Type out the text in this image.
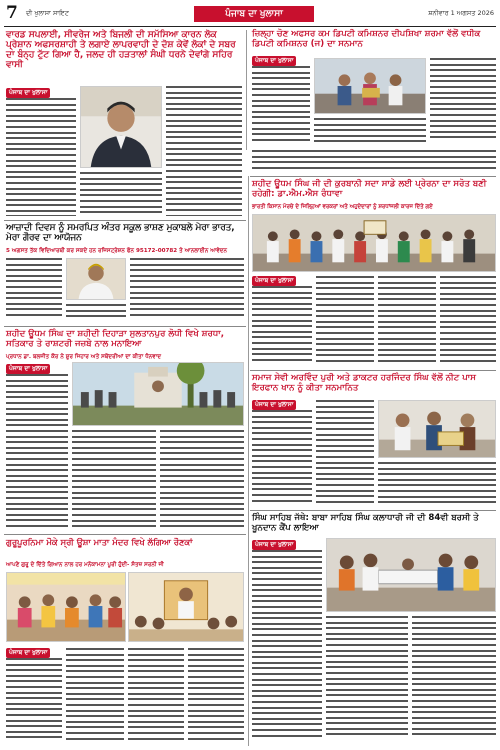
7 ਦੀ ਖੁਲਾਸਾ ਸਾਇਟ	ਪੰਜਾਬ ਦਾ ਖੁਲਾਸਾ	ਸ਼ਨੀਵਾਰ 1 ਅਗਸਤ 2026
ਵਾਰਡ ਸਪਲਾਈ, ਸੀਵਰੇਜ ਅਤੇ ਬਿਜਲੀ ਦੀ ਸਮੱਸਿਆ ਕਾਰਨ ਲੋਕ ਪ੍ਰੇਸ਼ਾਨ ਅਫਸਰਸ਼ਾਹੀ ਤੇ ਲਗਾਏ ਲਾਪਰਵਾਹੀ ਦੇ ਦੋਸ਼ ਕੇਵੇਂ ਲੋਕਾਂ ਦੇ ਸਬਰ ਦਾ ਬੰਨ੍ਹ ਟੁੱਟ ਗਿਆ ਹੈ, ਜਲਦ ਹੀ ਹੜਤਾਲਾਂ ਸੰਘੀ ਧਰਨੇ ਦੇਵਾਂਗੇ ਸਹਿਰ ਵਾਸੀ
ਪੰਜਾਬ ਦਾ ਖੁਲਾਸਾ
ਜ਼ਿਲ੍ਹਾ ਚੋਣ ਅਫਸਰ ਕਮ ਡਿਪਟੀ ਕਮਿਸ਼ਨਰ ਦੀਪਸ਼ਿਖਾ ਸ਼ਰਮਾ ਵੱਲੋਂ ਵਧੀਕ ਡਿਪਟੀ ਕਮਿਸ਼ਨਰ (ਜ) ਦਾ ਸਨਮਾਨ
ਪੰਜਾਬ ਦਾ ਖੁਲਾਸਾ
ਆਜ਼ਾਦੀ ਦਿਵਸ ਨੂੰ ਸਮਰਪਿਤ ਅੰਤਰ ਸਕੂਲ ਭਾਸ਼ਣ ਮੁਕਾਬਲੇ ਮੇਰਾ ਭਾਰਤ, ਮੇਰਾ ਗੌਰਵ ਦਾ ਆਯੋਜਨ
5 ਅਗਸਤ ਤੱਕ ਵਿਦਿਆਰਥੀ ਕਰ ਸਕਦੇ ਹਨ ਰਜਿਸਟ੍ਰੇਸ਼ਨ ਫੋਨ 95172-00782 ਤੇ ਆਨਲਾਈਨ ਆਵੇਦਨ
ਸ਼ਹੀਦ ਊਧਮ ਸਿੰਘ ਜੀ ਦੀ ਕੁਰਬਾਨੀ ਸਦਾ ਸਾਡੇ ਲਈ ਪ੍ਰੇਰਨਾ ਦਾ ਸਰੋਤ ਬਣੀ ਰਹੇਗੀ: ਡਾ.ਐਮ.ਐਸ ਰੰਧਾਵਾ
ਭਾਰਤੀ ਕਿਸਾਨ ਮੋਰਚੇ ਦੇ ਜਿਲ੍ਹਿਆਂ ਵਰਕਰਾਂ ਅਤੇ ਅਹੁਦੇਦਾਰਾਂ ਨੂੰ ਸ਼ਰਧਾਂਜਲੀ ਕਾਰਜ ਦਿੱਤੇ ਗਏ
ਪੰਜਾਬ ਦਾ ਖੁਲਾਸਾ
ਸ਼ਹੀਦ ਊਧਮ ਸਿੰਘ ਦਾ ਸ਼ਹੀਦੀ ਦਿਹਾੜਾ ਸੁਲਤਾਨਪੁਰ ਲੋਧੀ ਵਿਖੇ ਸ਼ਰਧਾ, ਸਤਿਕਾਰ ਤੇ ਰਾਸ਼ਟਰੀ ਜਜ਼ਬੇ ਨਾਲ ਮਨਾਇਆ
ਪ੍ਰਧਾਨ ਡਾ. ਬਲਜੀਤ ਕੌਰ ਨੇ ਸ਼ੂਰ ਜਿਹਾਰ ਅਤੇ ਸਥੋਂਦਰੀਆਂ ਦਾ ਕੀਤਾ ਧੰਨਵਾਦ
ਪੰਜਾਬ ਦਾ ਖੁਲਾਸਾ
ਸਮਾਜ ਸੇਵੀ ਅਰਵਿੰਦ ਪੁਰੀ ਅਤੇ ਡਾਕਟਰ ਹਰਜਿੰਦਰ ਸਿੰਘ ਵੱਲੋਂ ਨੀਟ ਪਾਸ ਇਰਫਾਨ ਖਾਨ ਨੂੰ ਕੀਤਾ ਸਨਮਾਨਿਤ
ਪੰਜਾਬ ਦਾ ਖੁਲਾਸਾ
ਸਿੰਘ ਸਾਹਿਬ ਜੱਥੇ: ਬਾਬਾ ਸਾਹਿਬ ਸਿੰਘ ਕਲਾਧਾਰੀ ਜੀ ਦੀ 84ਵੀ ਬਰਸੀ ਤੇ ਖੂਨਦਾਨ ਕੈਂਪ ਲਾਇਆ
ਪੰਜਾਬ ਦਾ ਖੁਲਾਸਾ
ਗੁਰੂਪੂਰਨਿਮਾ ਮੌਕੇ ਸ੍ਰੀ ਊਸ਼ਾ ਮਾਤਾ ਮੰਦਰ ਵਿਖੇ ਲੱਗਿਆ ਰੌਣਕਾਂ
ਆਪਣੇ ਗੁਰੂ ਦੇ ਦਿੱਤੇ ਗਿਆਨ ਨਾਲ ਹਰ ਮਨੋਕਾਮਨਾ ਪੂਰੀ ਹੁੰਦੀ- ਸੰਤਜ਼ ਸਰਨੀ ਜੀ
ਪੰਜਾਬ ਦਾ ਖੁਲਾਸਾ
